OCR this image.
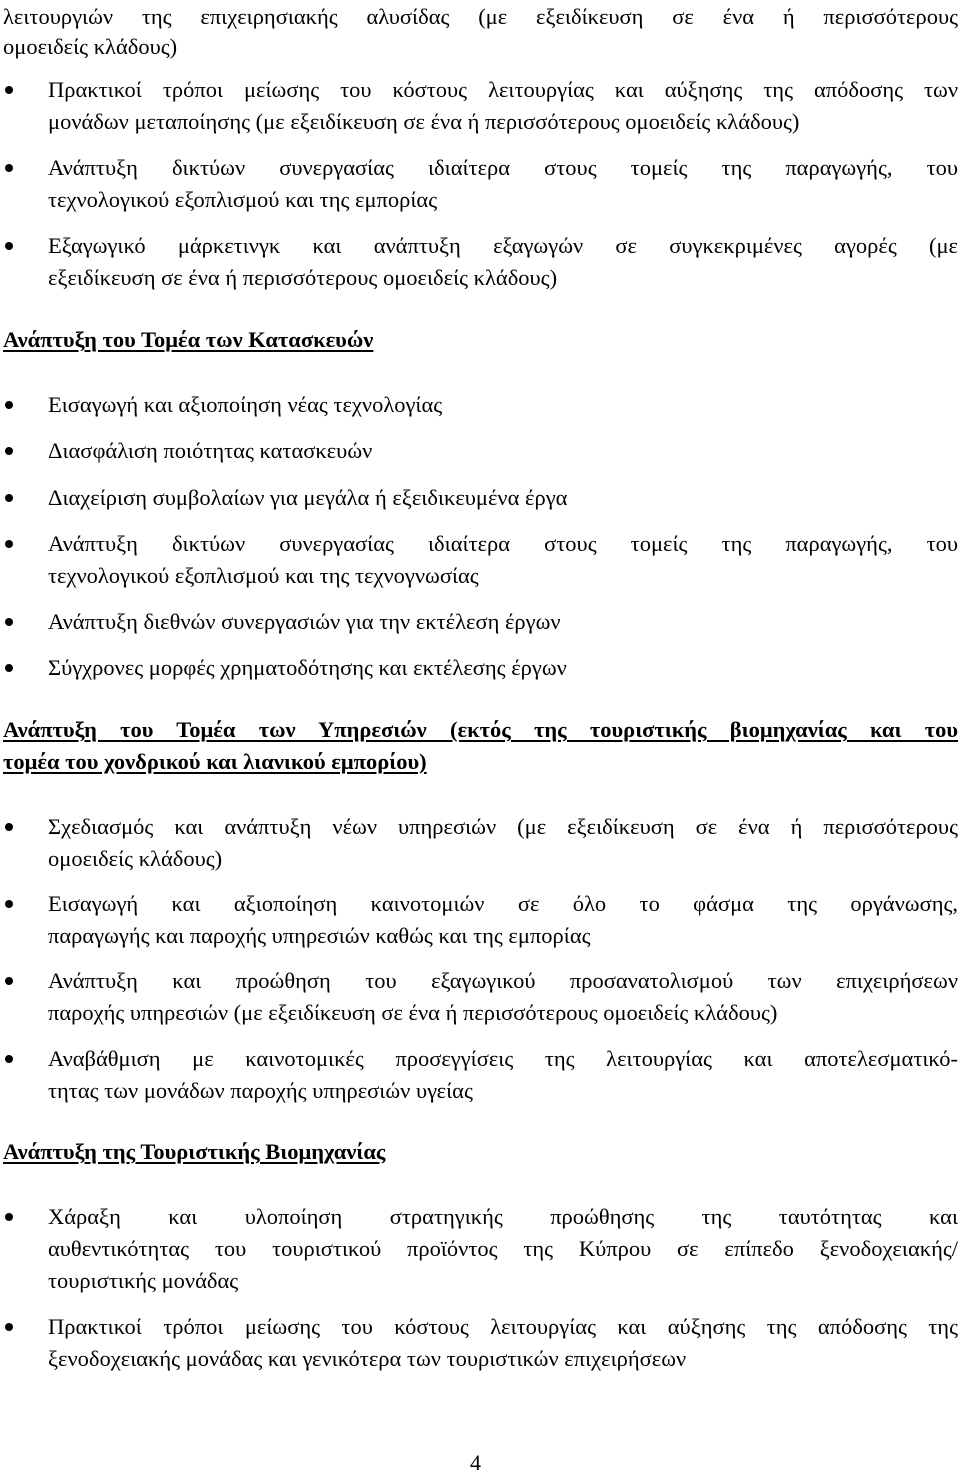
λειτουργιών της επιχειρησιακής αλυσίδας (με εξειδίκευση σε ένα ή περισσότερους
ομοειδείς κλάδους)
Πρακτικοί τρόποι μείωσης του κόστους λειτουργίας και αύξησης της απόδοσης των
μονάδων μεταποίησης (με εξειδίκευση σε ένα ή περισσότερους ομοειδείς κλάδους)
Ανάπτυξη δικτύων συνεργασίας ιδιαίτερα στους τομείς της παραγωγής, του
τεχνολογικού εξοπλισμού και της εμπορίας
Εξαγωγικό μάρκετινγκ και ανάπτυξη εξαγωγών σε συγκεκριμένες αγορές (με
εξειδίκευση σε ένα ή περισσότερους ομοειδείς κλάδους)
Ανάπτυξη του Τομέα των Κατασκευών
Εισαγωγή και αξιοποίηση νέας τεχνολογίας
Διασφάλιση ποιότητας κατασκευών
Διαχείριση συμβολαίων για μεγάλα ή εξειδικευμένα έργα
Ανάπτυξη δικτύων συνεργασίας ιδιαίτερα στους τομείς της παραγωγής, του
τεχνολογικού εξοπλισμού και της τεχνογνωσίας
Ανάπτυξη διεθνών συνεργασιών για την εκτέλεση έργων
Σύγχρονες μορφές χρηματοδότησης και εκτέλεσης έργων
Ανάπτυξη του Τομέα των Υπηρεσιών (εκτός της τουριστικής βιομηχανίας και του
τομέα του χονδρικού και λιανικού εμπορίου)
Σχεδιασμός και ανάπτυξη νέων υπηρεσιών (με εξειδίκευση σε ένα ή περισσότερους
ομοειδείς κλάδους)
Εισαγωγή και αξιοποίηση καινοτομιών σε όλο το φάσμα της οργάνωσης,
παραγωγής και παροχής υπηρεσιών καθώς και της εμπορίας
Ανάπτυξη και προώθηση του εξαγωγικού προσανατολισμού των επιχειρήσεων
παροχής υπηρεσιών (με εξειδίκευση σε ένα ή περισσότερους ομοειδείς κλάδους)
Αναβάθμιση με καινοτομικές προσεγγίσεις της λειτουργίας και αποτελεσματικό-
τητας των μονάδων παροχής υπηρεσιών υγείας
Ανάπτυξη της Τουριστικής Βιομηχανίας
Χάραξη και υλοποίηση στρατηγικής προώθησης της ταυτότητας και
αυθεντικότητας του τουριστικού προϊόντος της Κύπρου σε επίπεδο ξενοδοχειακής/
τουριστικής μονάδας
Πρακτικοί τρόποι μείωσης του κόστους λειτουργίας και αύξησης της απόδοσης της
ξενοδοχειακής μονάδας και γενικότερα των τουριστικών επιχειρήσεων
4
